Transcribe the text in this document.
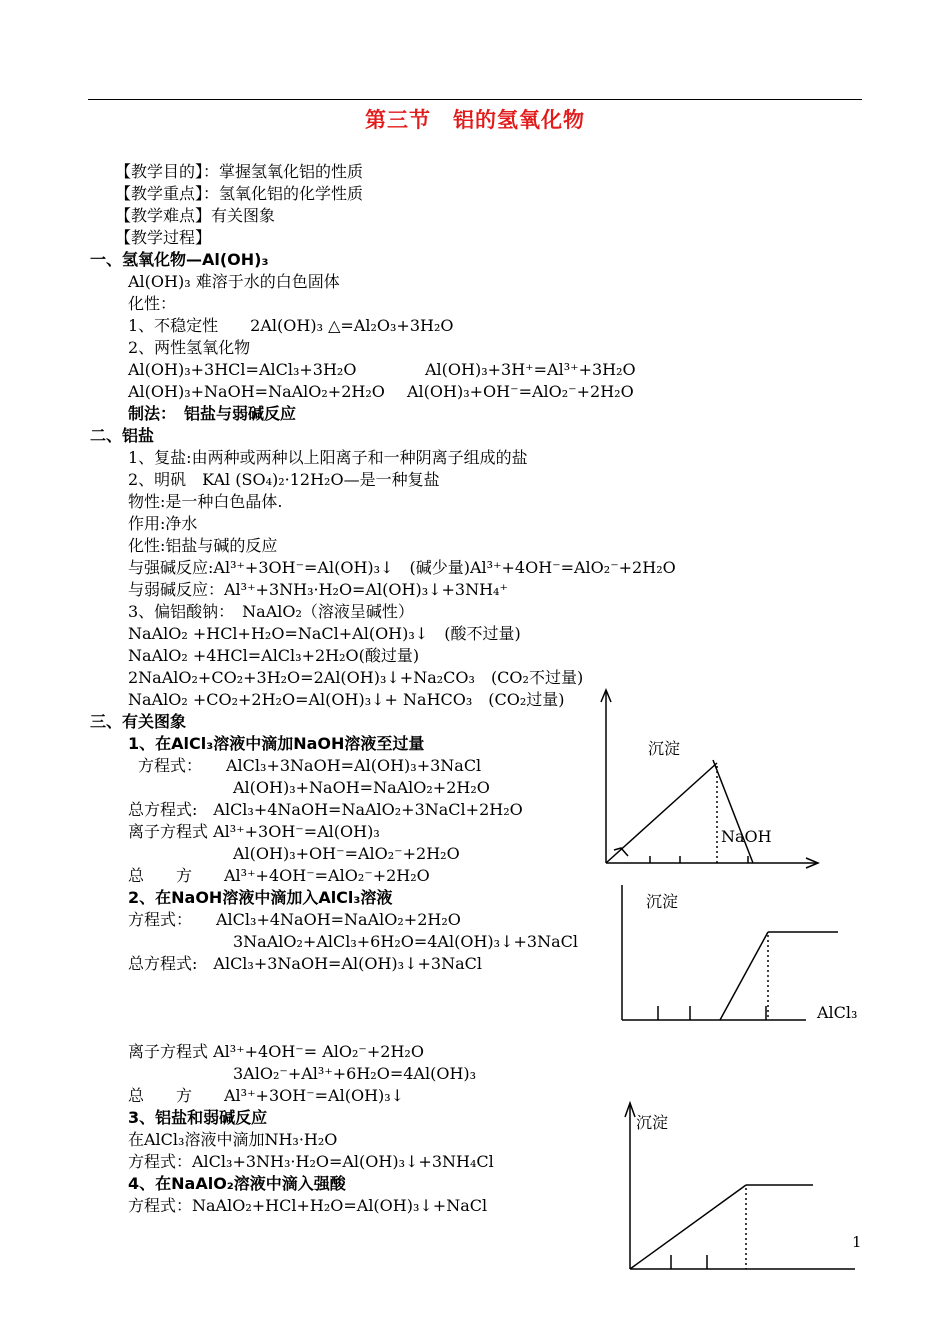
第三节　铝的氢氧化物
【教学目的】：掌握氢氧化铝的性质
【教学重点】：氢氧化铝的化学性质
【教学难点】有关图象
【教学过程】
一、氢氧化物—Al(OH)₃
Al(OH)₃ 难溶于水的白色固体
化性：
1、不稳定性　　2Al(OH)₃ △=Al₂O₃+3H₂O
2、两性氢氧化物
Al(OH)₃+3HCl=AlCl₃+3H₂O	Al(OH)₃+3H⁺=Al³⁺+3H₂O
Al(OH)₃+NaOH=NaAlO₂+2H₂O Al(OH)₃+OH⁻=AlO₂⁻+2H₂O
制法：　铝盐与弱碱反应
二、铝盐
1、复盐:由两种或两种以上阳离子和一种阴离子组成的盐
2、明矾　KAl (SO₄)₂·12H₂O—是一种复盐
物性:是一种白色晶体.
作用:净水
化性:铝盐与碱的反应
与强碱反应:Al³⁺+3OH⁻=Al(OH)₃↓　(碱少量)Al³⁺+4OH⁻=AlO₂⁻+2H₂O
与弱碱反应：Al³⁺+3NH₃·H₂O=Al(OH)₃↓+3NH₄⁺
3、偏铝酸钠：　NaAlO₂（溶液呈碱性）
NaAlO₂ +HCl+H₂O=NaCl+Al(OH)₃↓　(酸不过量)
NaAlO₂ +4HCl=AlCl₃+2H₂O(酸过量)
2NaAlO₂+CO₂+3H₂O=2Al(OH)₃↓+Na₂CO₃　(CO₂不过量)
NaAlO₂ +CO₂+2H₂O=Al(OH)₃↓+ NaHCO₃　(CO₂过量)
三、有关图象
1、在AlCl₃溶液中滴加NaOH溶液至过量
方程式：　　AlCl₃+3NaOH=Al(OH)₃+3NaCl
Al(OH)₃+NaOH=NaAlO₂+2H₂O
总方程式:　AlCl₃+4NaOH=NaAlO₂+3NaCl+2H₂O
离子方程式 Al³⁺+3OH⁻=Al(OH)₃
Al(OH)₃+OH⁻=AlO₂⁻+2H₂O
总　　方　　Al³⁺+4OH⁻=AlO₂⁻+2H₂O
2、在NaOH溶液中滴加入AlCl₃溶液
方程式：　　AlCl₃+4NaOH=NaAlO₂+2H₂O
3NaAlO₂+AlCl₃+6H₂O=4Al(OH)₃↓+3NaCl
总方程式:　AlCl₃+3NaOH=Al(OH)₃↓+3NaCl
离子方程式 Al³⁺+4OH⁻= AlO₂⁻+2H₂O
3AlO₂⁻+Al³⁺+6H₂O=4Al(OH)₃
总　　方　　Al³⁺+3OH⁻=Al(OH)₃↓
3、铝盐和弱碱反应
在AlCl₃溶液中滴加NH₃·H₂O
方程式：AlCl₃+3NH₃·H₂O=Al(OH)₃↓+3NH₄Cl
4、在NaAlO₂溶液中滴入强酸
方程式：NaAlO₂+HCl+H₂O=Al(OH)₃↓+NaCl
沉淀
NaOH
沉淀
AlCl₃
沉淀
1
